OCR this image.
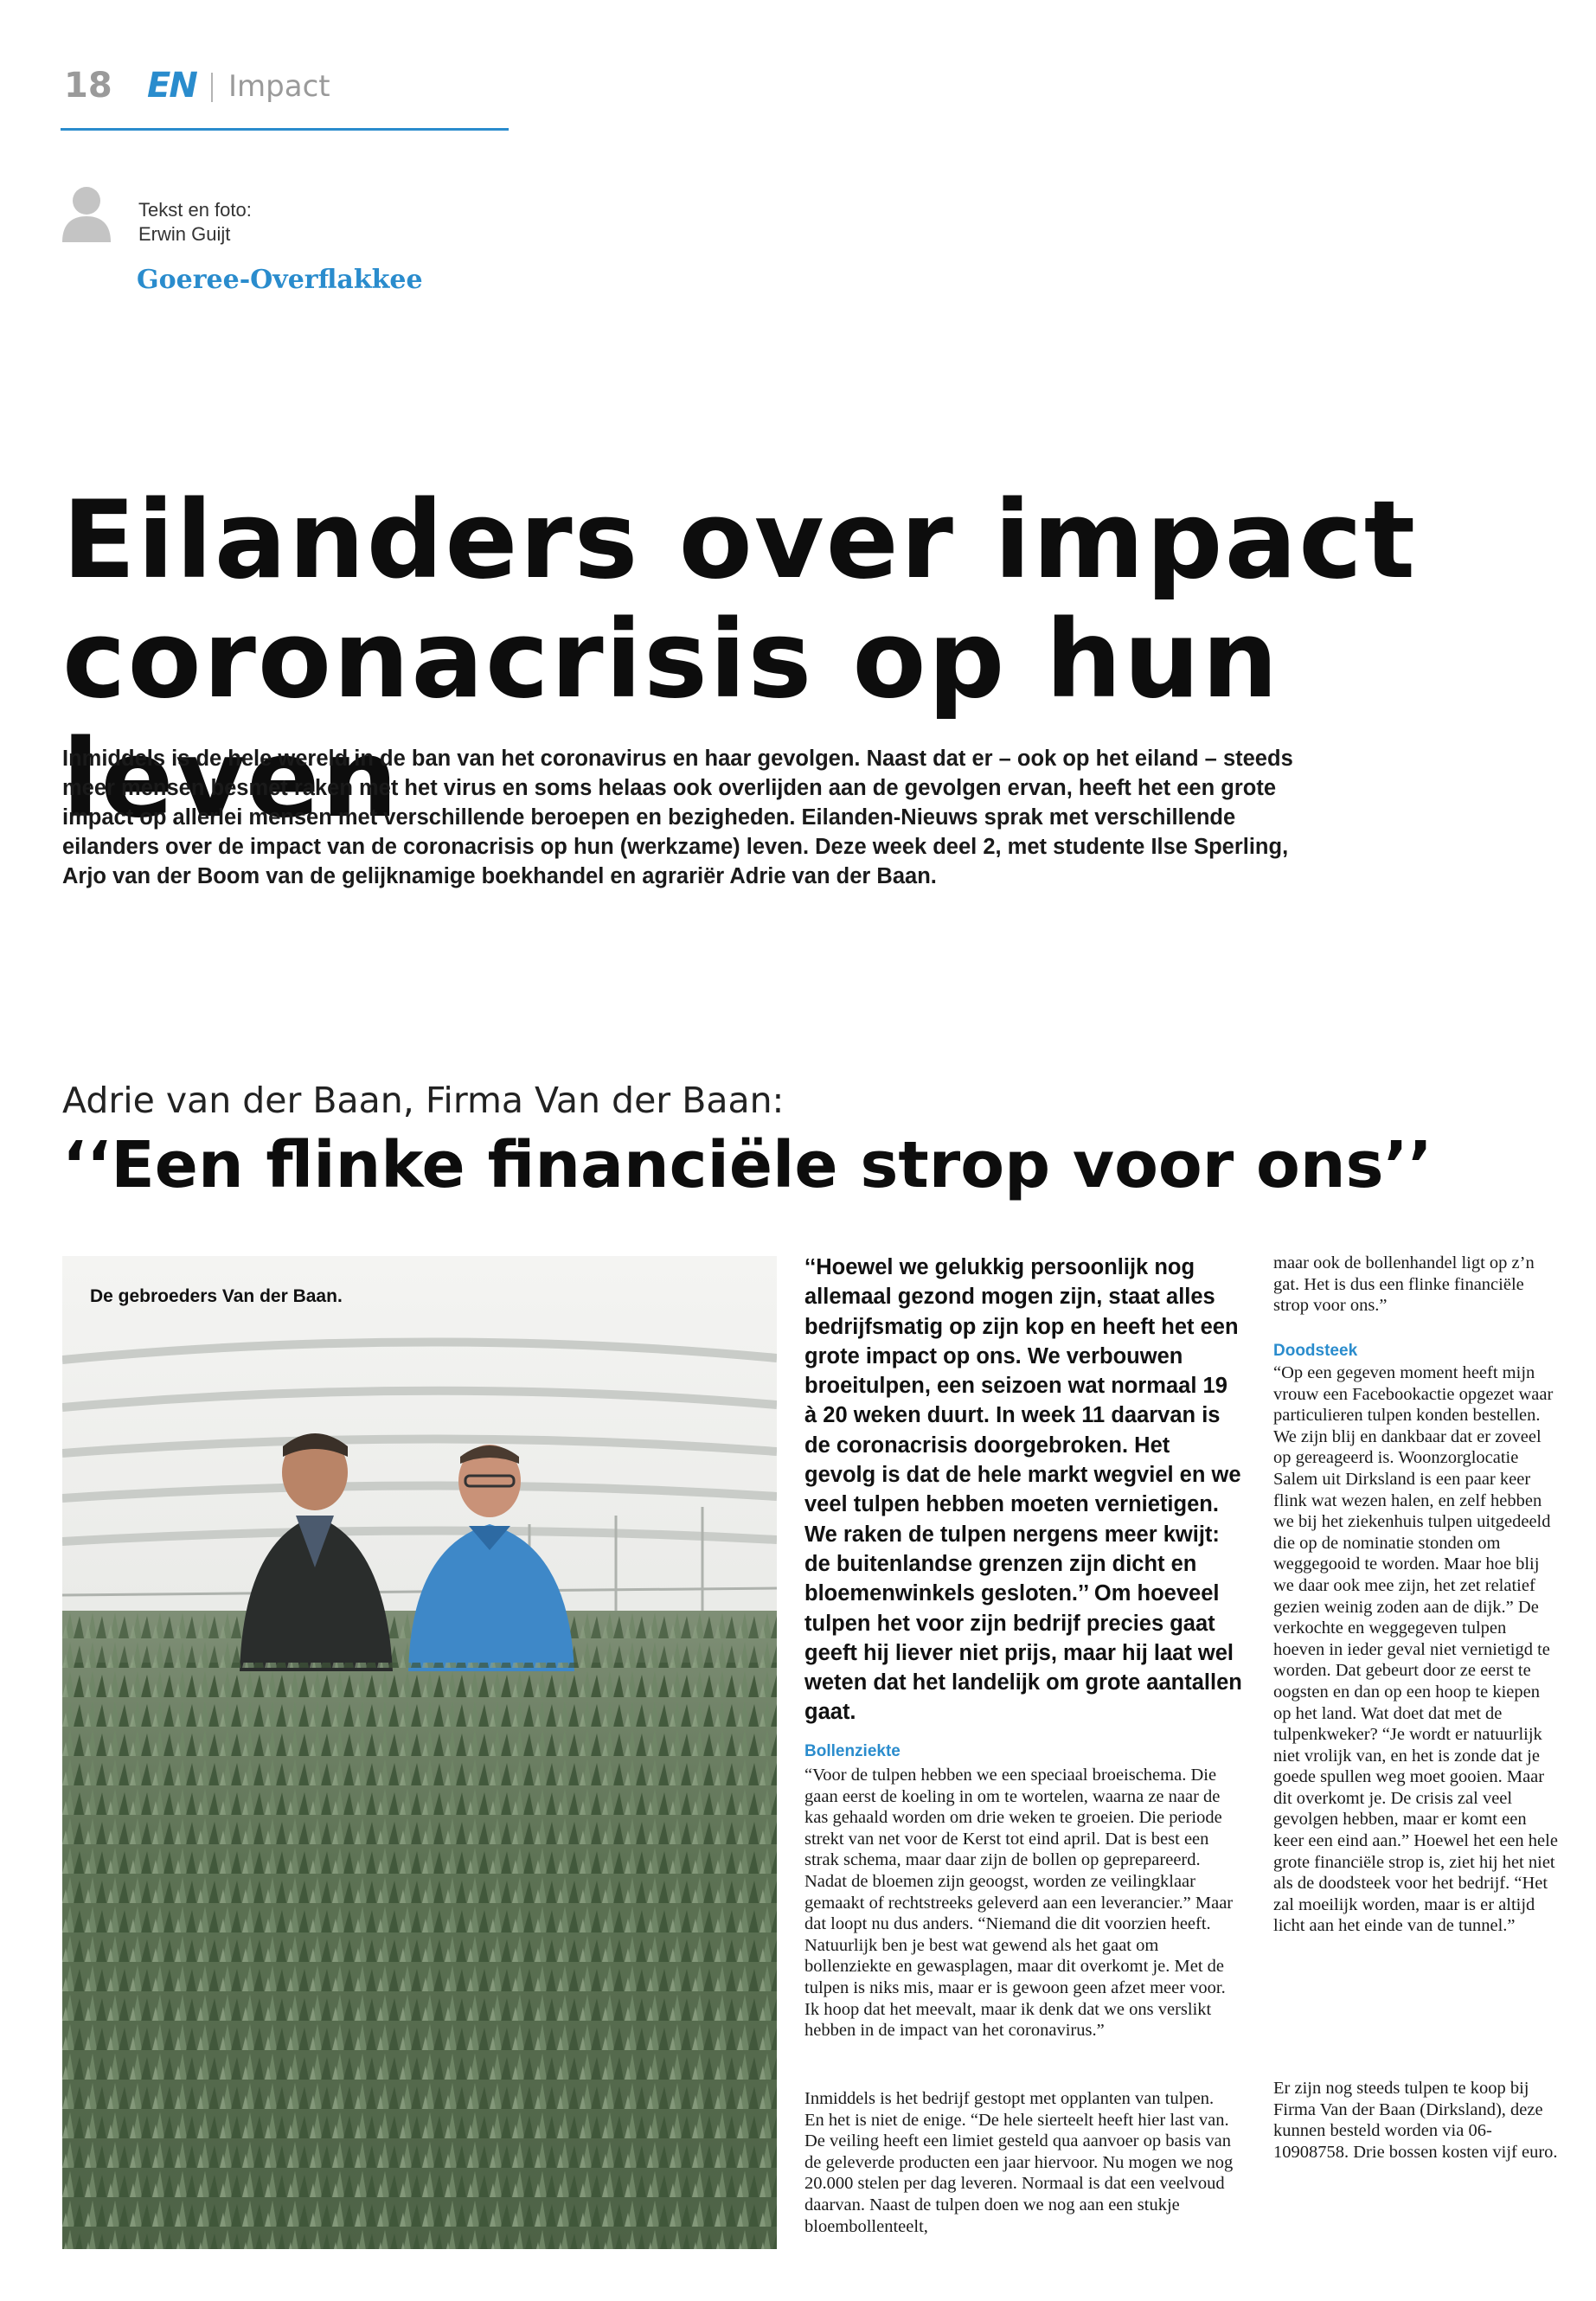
18 EN Impact
Tekst en foto:
Erwin Guijt
Goeree-Overflakkee
Eilanders over impact
coronacrisis op hun leven

Inmiddels is de hele wereld in de ban van het coronavirus en haar gevolgen. Naast dat er – ook op het eiland – steeds meer mensen besmet raken met het virus en soms helaas ook overlijden aan de gevolgen ervan, heeft het een grote impact op allerlei mensen met verschillende beroepen en bezigheden. Eilanden-Nieuws sprak met verschillende eilanders over de impact van de coronacrisis op hun (werkzame) leven. Deze week deel 2, met studente Ilse Sperling, Arjo van der Boom van de gelijknamige boekhandel en agrariër Adrie van der Baan.

Adrie van der Baan, Firma Van der Baan:
‘‘Een flinke financiële strop voor ons’’
De gebroeders Van der Baan.

‘‘Hoewel we gelukkig persoonlijk nog allemaal gezond mogen zijn, staat alles bedrijfsmatig op zijn kop en heeft het een grote impact op ons. We verbouwen broeitulpen, een seizoen wat normaal 19 à 20 weken duurt. In week 11 daarvan is de coronacrisis doorgebroken. Het gevolg is dat de hele markt wegviel en we veel tulpen hebben moeten vernietigen. We raken de tulpen nergens meer kwijt: de buitenlandse grenzen zijn dicht en bloemenwinkels gesloten.’’ Om hoeveel tulpen het voor zijn bedrijf precies gaat geeft hij liever niet prijs, maar hij laat wel weten dat het landelijk om grote aantallen gaat.

Bollenziekte

“Voor de tulpen hebben we een speciaal broeischema. Die gaan eerst de koeling in om te wortelen, waarna ze naar de kas gehaald worden om drie weken te groeien. Die periode strekt van net voor de Kerst tot eind april. Dat is best een strak schema, maar daar zijn de bollen op geprepareerd. Nadat de bloemen zijn geoogst, worden ze veilingklaar gemaakt of rechtstreeks geleverd aan een leverancier.” Maar dat loopt nu dus anders. “Niemand die dit voorzien heeft. Natuurlijk ben je best wat gewend als het gaat om bollenziekte en gewasplagen, maar dit overkomt je. Met de tulpen is niks mis, maar er is gewoon geen afzet meer voor. Ik hoop dat het meevalt, maar ik denk dat we ons verslikt hebben in de impact van het coronavirus.”

Inmiddels is het bedrijf gestopt met opplanten van tulpen. En het is niet de enige. “De hele sierteelt heeft hier last van. De veiling heeft een limiet gesteld qua aanvoer op basis van de geleverde producten een jaar hiervoor. Nu mogen we nog 20.000 stelen per dag leveren. Normaal is dat een veelvoud daarvan. Naast de tulpen doen we nog aan een stukje bloembollenteelt,

maar ook de bollenhandel ligt op z’n gat. Het is dus een flinke financiële strop voor ons.”

Doodsteek

“Op een gegeven moment heeft mijn vrouw een Facebookactie opgezet waar particulieren tulpen konden bestellen. We zijn blij en dankbaar dat er zoveel op gereageerd is. Woonzorglocatie Salem uit Dirksland is een paar keer flink wat wezen halen, en zelf hebben we bij het ziekenhuis tulpen uitgedeeld die op de nominatie stonden om weggegooid te worden. Maar hoe blij we daar ook mee zijn, het zet relatief gezien weinig zoden aan de dijk.” De verkochte en weggegeven tulpen hoeven in ieder geval niet vernietigd te worden. Dat gebeurt door ze eerst te oogsten en dan op een hoop te kiepen op het land. Wat doet dat met de tulpenkweker? “Je wordt er natuurlijk niet vrolijk van, en het is zonde dat je goede spullen weg moet gooien. Maar dit overkomt je. De crisis zal veel gevolgen hebben, maar er komt een keer een eind aan.” Hoewel het een hele grote financiële strop is, ziet hij het niet als de doodsteek voor het bedrijf. “Het zal moeilijk worden, maar is er altijd licht aan het einde van de tunnel.”

Er zijn nog steeds tulpen te koop bij Firma Van der Baan (Dirksland), deze kunnen besteld worden via 06-10908758. Drie bossen kosten vijf euro.
